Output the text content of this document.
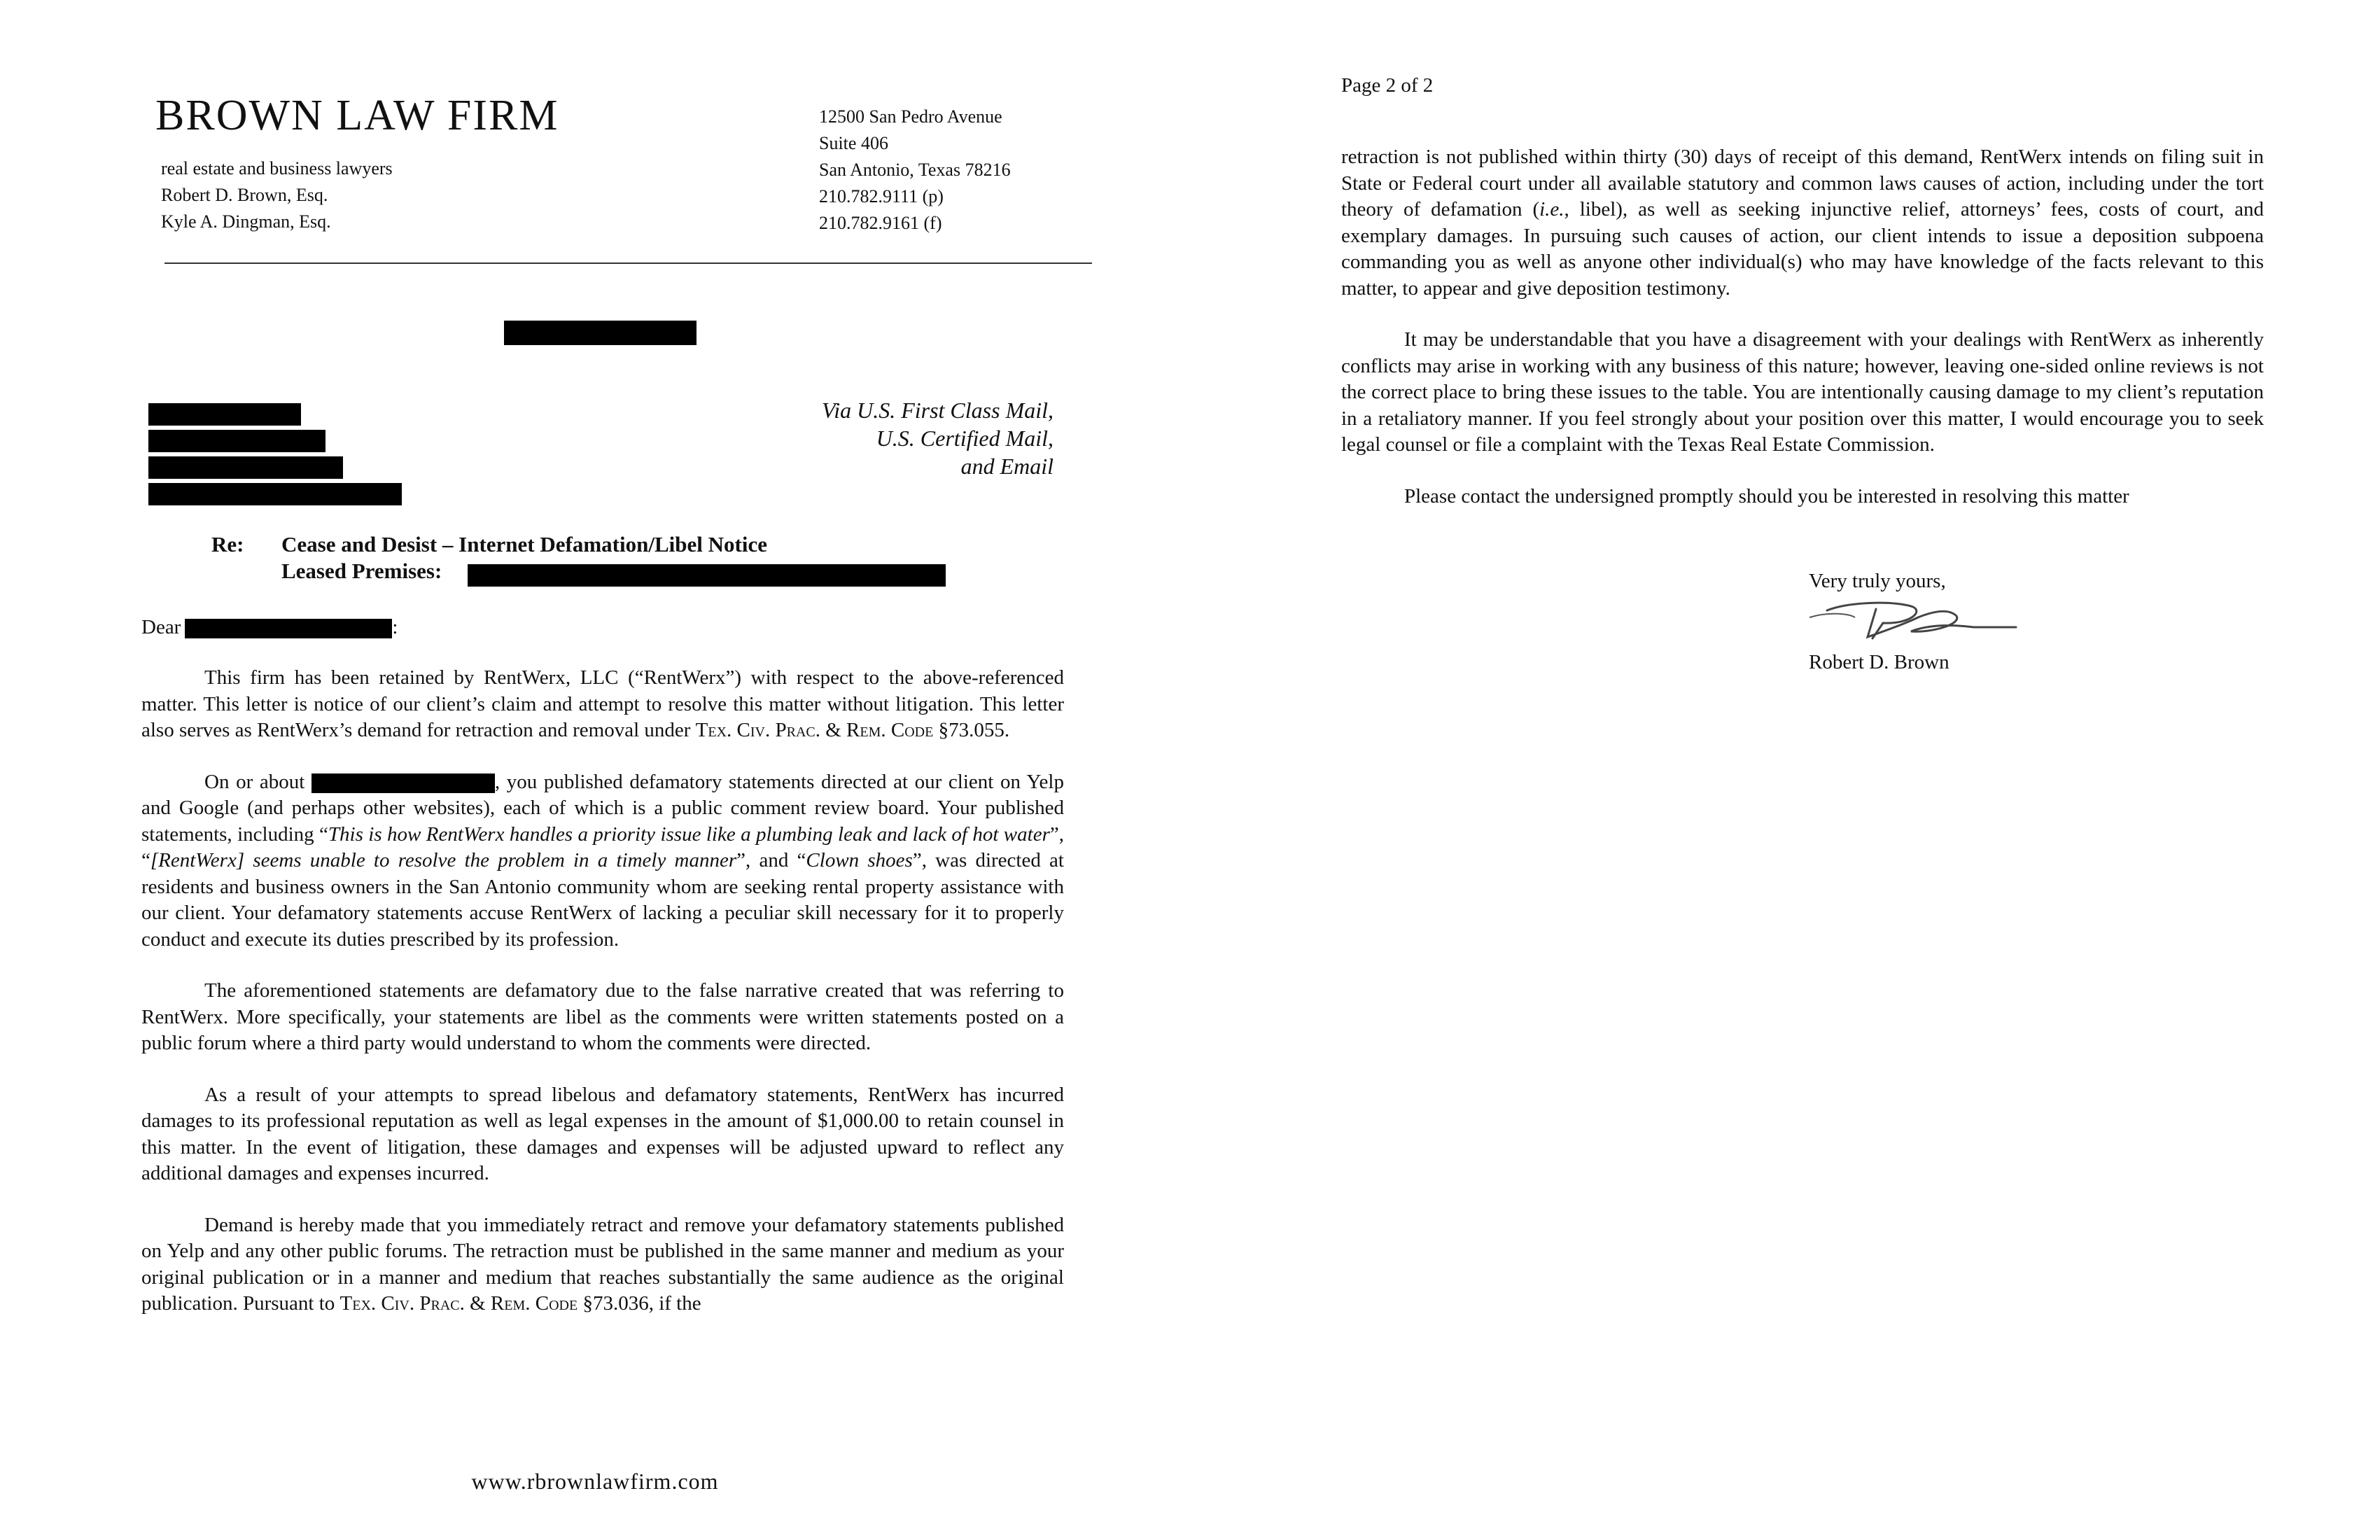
BROWN LAW FIRM
real estate and business lawyers
Robert D. Brown, Esq.
Kyle A. Dingman, Esq.
12500 San Pedro Avenue
Suite 406
San Antonio, Texas 78216
210.782.9111 (p)
210.782.9161 (f)
Via U.S. First Class Mail,
U.S. Certified Mail,
and Email
Re: Cease and Desist – Internet Defamation/Libel Notice
Leased Premises:
Dear	:

This firm has been retained by RentWerx, LLC (“RentWerx”) with respect to the above-referenced matter. This letter is notice of our client’s claim and attempt to resolve this matter without litigation. This letter also serves as RentWerx’s demand for retraction and removal under Tex. Civ. Prac. & Rem. Code §73.055.

On or about	, you published defamatory statements directed at our client on Yelp and Google (and perhaps other websites), each of which is a public comment review board. Your published statements, including “This is how RentWerx handles a priority issue like a plumbing leak and lack of hot water”, “[RentWerx] seems unable to resolve the problem in a timely manner”, and “Clown shoes”, was directed at residents and business owners in the San Antonio community whom are seeking rental property assistance with our client. Your defamatory statements accuse RentWerx of lacking a peculiar skill necessary for it to properly conduct and execute its duties prescribed by its profession.

The aforementioned statements are defamatory due to the false narrative created that was referring to RentWerx. More specifically, your statements are libel as the comments were written statements posted on a public forum where a third party would understand to whom the comments were directed.

As a result of your attempts to spread libelous and defamatory statements, RentWerx has incurred damages to its professional reputation as well as legal expenses in the amount of $1,000.00 to retain counsel in this matter. In the event of litigation, these damages and expenses will be adjusted upward to reflect any additional damages and expenses incurred.

Demand is hereby made that you immediately retract and remove your defamatory statements published on Yelp and any other public forums. The retraction must be published in the same manner and medium as your original publication or in a manner and medium that reaches substantially the same audience as the original publication. Pursuant to Tex. Civ. Prac. & Rem. Code §73.036, if the

www.rbrownlawfirm.com
Page 2 of 2

retraction is not published within thirty (30) days of receipt of this demand, RentWerx intends on filing suit in State or Federal court under all available statutory and common laws causes of action, including under the tort theory of defamation (i.e., libel), as well as seeking injunctive relief, attorneys’ fees, costs of court, and exemplary damages. In pursuing such causes of action, our client intends to issue a deposition subpoena commanding you as well as anyone other individual(s) who may have knowledge of the facts relevant to this matter, to appear and give deposition testimony.

It may be understandable that you have a disagreement with your dealings with RentWerx as inherently conflicts may arise in working with any business of this nature; however, leaving one-sided online reviews is not the correct place to bring these issues to the table. You are intentionally causing damage to my client’s reputation in a retaliatory manner. If you feel strongly about your position over this matter, I would encourage you to seek legal counsel or file a complaint with the Texas Real Estate Commission.

Please contact the undersigned promptly should you be interested in resolving this matter

Very truly yours,
Robert D. Brown
